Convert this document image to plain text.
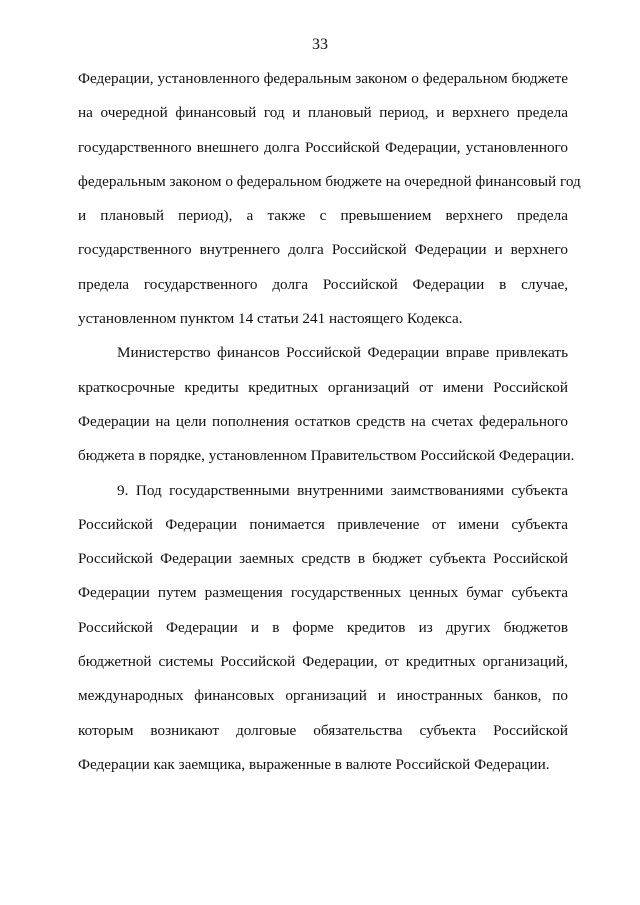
33
Федерации, установленного федеральным законом о федеральном бюджете
на очередной финансовый год и плановый период, и верхнего предела
государственного внешнего долга Российской Федерации, установленного
федеральным законом о федеральном бюджете на очередной финансовый год
и плановый период), а также с превышением верхнего предела
государственного внутреннего долга Российской Федерации и верхнего
предела государственного долга Российской Федерации в случае,
установленном пунктом 14 статьи 241 настоящего Кодекса.
Министерство финансов Российской Федерации вправе привлекать
краткосрочные кредиты кредитных организаций от имени Российской
Федерации на цели пополнения остатков средств на счетах федерального
бюджета в порядке, установленном Правительством Российской Федерации.
9. Под государственными внутренними заимствованиями субъекта
Российской Федерации понимается привлечение от имени субъекта
Российской Федерации заемных средств в бюджет субъекта Российской
Федерации путем размещения государственных ценных бумаг субъекта
Российской Федерации и в форме кредитов из других бюджетов
бюджетной системы Российской Федерации, от кредитных организаций,
международных финансовых организаций и иностранных банков, по
которым возникают долговые обязательства субъекта Российской
Федерации как заемщика, выраженные в валюте Российской Федерации.
